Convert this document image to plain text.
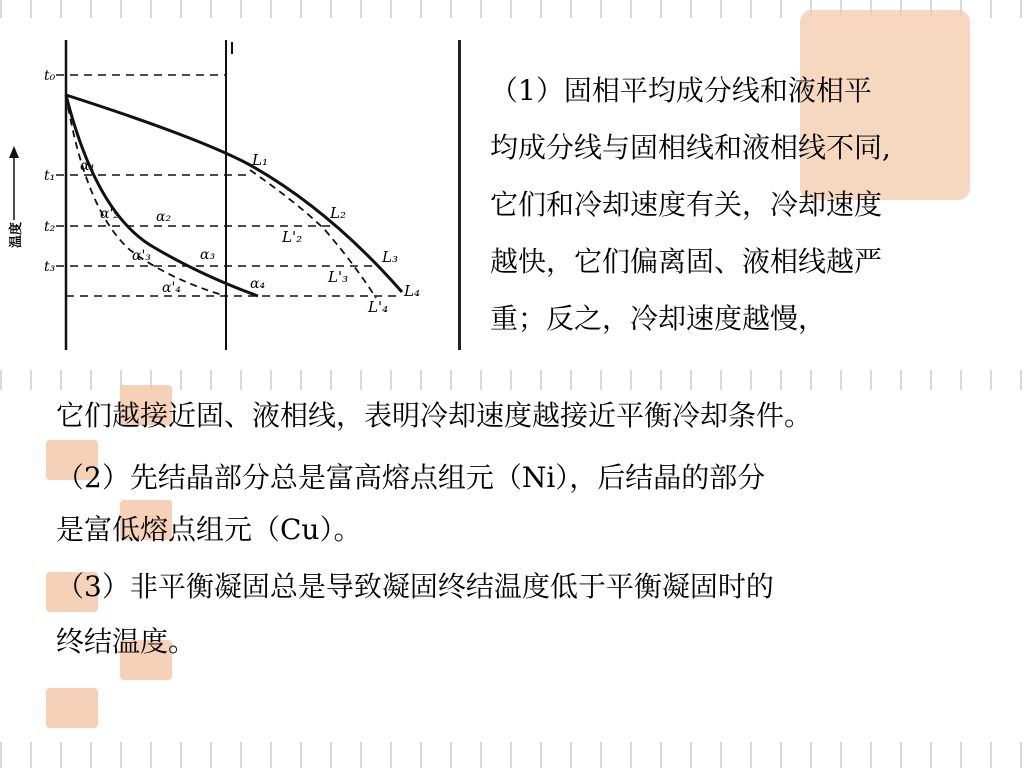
温度
t₀
t₁
t₂
t₃
α₁
α'₂	α₂
α'₃	α₃
α'₄	α₄
L₁
L₂
L'₂
L₃
L'₃
L₄
L'₄
（1）固相平均成分线和液相平
均成分线与固相线和液相线不同,
它们和冷却速度有关，冷却速度
越快，它们偏离固、液相线越严
重；反之，冷却速度越慢，

它们越接近固、液相线，表明冷却速度越接近平衡冷却条件。

（2）先结晶部分总是富高熔点组元（Ni），后结晶的部分

是富低熔点组元（Cu）。

（3）非平衡凝固总是导致凝固终结温度低于平衡凝固时的

终结温度。
